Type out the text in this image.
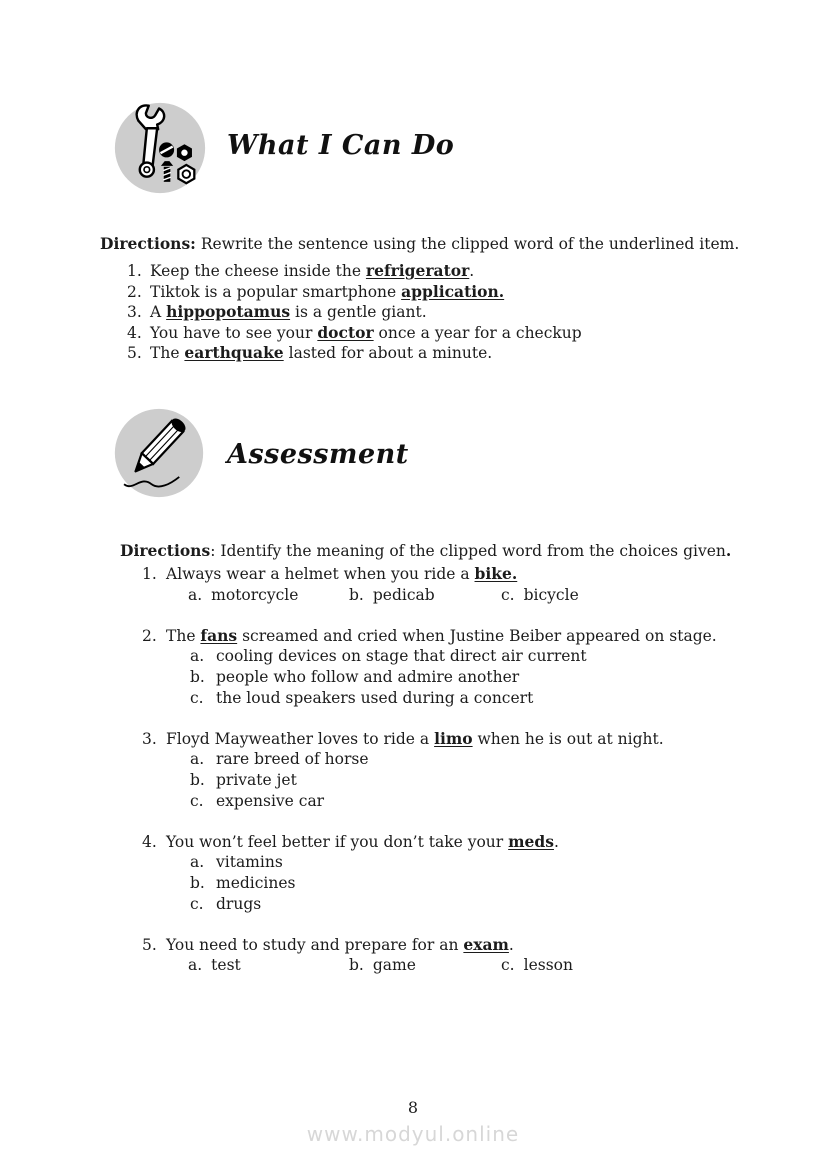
What I Can Do

Directions: Rewrite the sentence using the clipped word of the underlined item.

1. Keep the cheese inside the refrigerator.
2. Tiktok is a popular smartphone application.
3. A hippopotamus is a gentle giant.
4. You have to see your doctor once a year for a checkup
5. The earthquake lasted for about a minute.
Assessment

Directions: Identify the meaning of the clipped word from the choices given.

1. Always wear a helmet when you ride a bike.
a. motorcycle	b. pedicab	c. bicycle
2. The fans screamed and cried when Justine Beiber appeared on stage.
a. cooling devices on stage that direct air current
b. people who follow and admire another
c. the loud speakers used during a concert
3. Floyd Mayweather loves to ride a limo when he is out at night.
a. rare breed of horse
b. private jet
c. expensive car
4. You won’t feel better if you don’t take your meds.
a. vitamins
b. medicines
c. drugs
5. You need to study and prepare for an exam.
a. test	b. game	c. lesson
8
www.modyul.online
